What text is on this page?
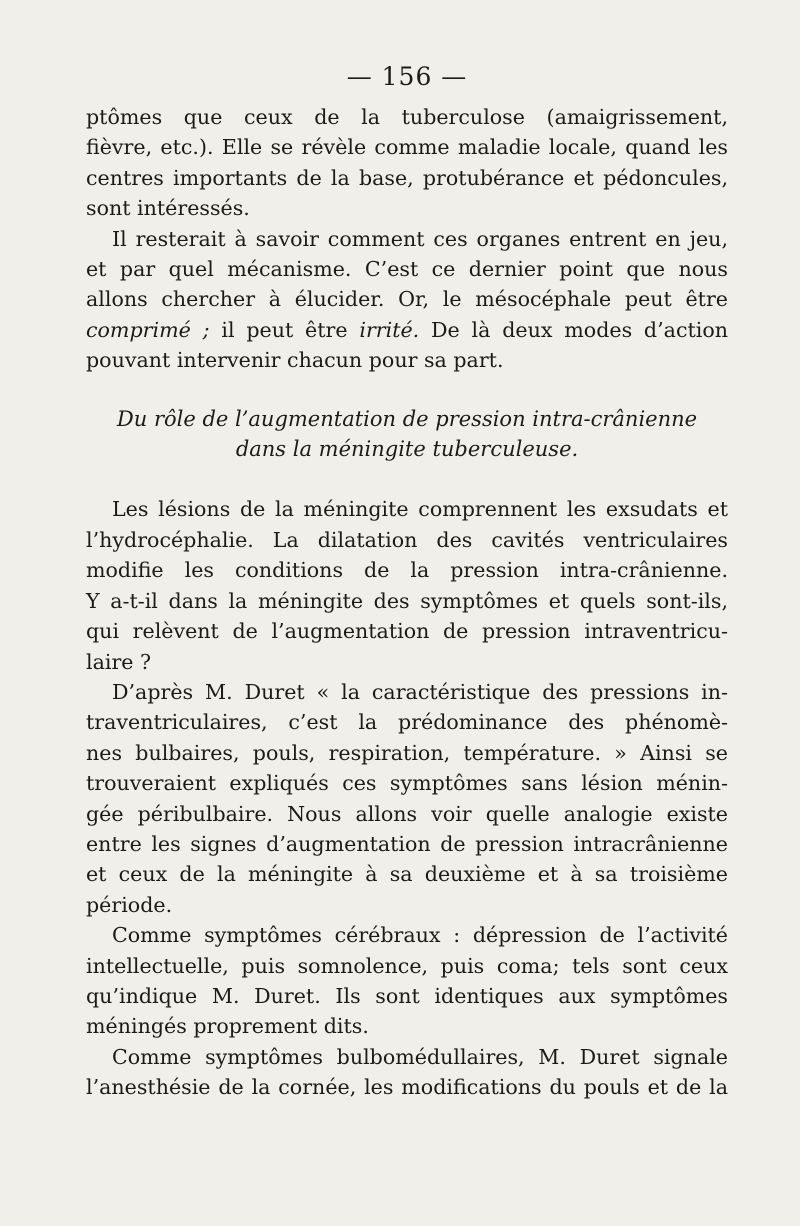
— 156 —

ptômes que ceux de la tuberculose (amaigrissement,
fièvre, etc.). Elle se révèle comme maladie locale, quand les
centres importants de la base, protubérance et pédoncules,
sont intéressés.

Il resterait à savoir comment ces organes entrent en jeu,
et par quel mécanisme. C’est ce dernier point que nous
allons chercher à élucider. Or, le mésocéphale peut être
comprimé ; il peut être irrité. De là deux modes d’action
pouvant intervenir chacun pour sa part.

Du rôle de l’augmentation de pression intra-crânienne
dans la méningite tuberculeuse.

Les lésions de la méningite comprennent les exsudats et
l’hydrocéphalie. La dilatation des cavités ventriculaires
modifie les conditions de la pression intra-crânienne.
Y a-t-il dans la méningite des symptômes et quels sont-ils,
qui relèvent de l’augmentation de pression intraventricu-
laire ?

D’après M. Duret « la caractéristique des pressions in-
traventriculaires, c’est la prédominance des phénomè-
nes bulbaires, pouls, respiration, température. » Ainsi se
trouveraient expliqués ces symptômes sans lésion ménin-
gée péribulbaire. Nous allons voir quelle analogie existe
entre les signes d’augmentation de pression intracrânienne
et ceux de la méningite à sa deuxième et à sa troisième
période.

Comme symptômes cérébraux : dépression de l’activité
intellectuelle, puis somnolence, puis coma; tels sont ceux
qu’indique M. Duret. Ils sont identiques aux symptômes
méningés proprement dits.

Comme symptômes bulbomédullaires, M. Duret signale
l’anesthésie de la cornée, les modifications du pouls et de la
